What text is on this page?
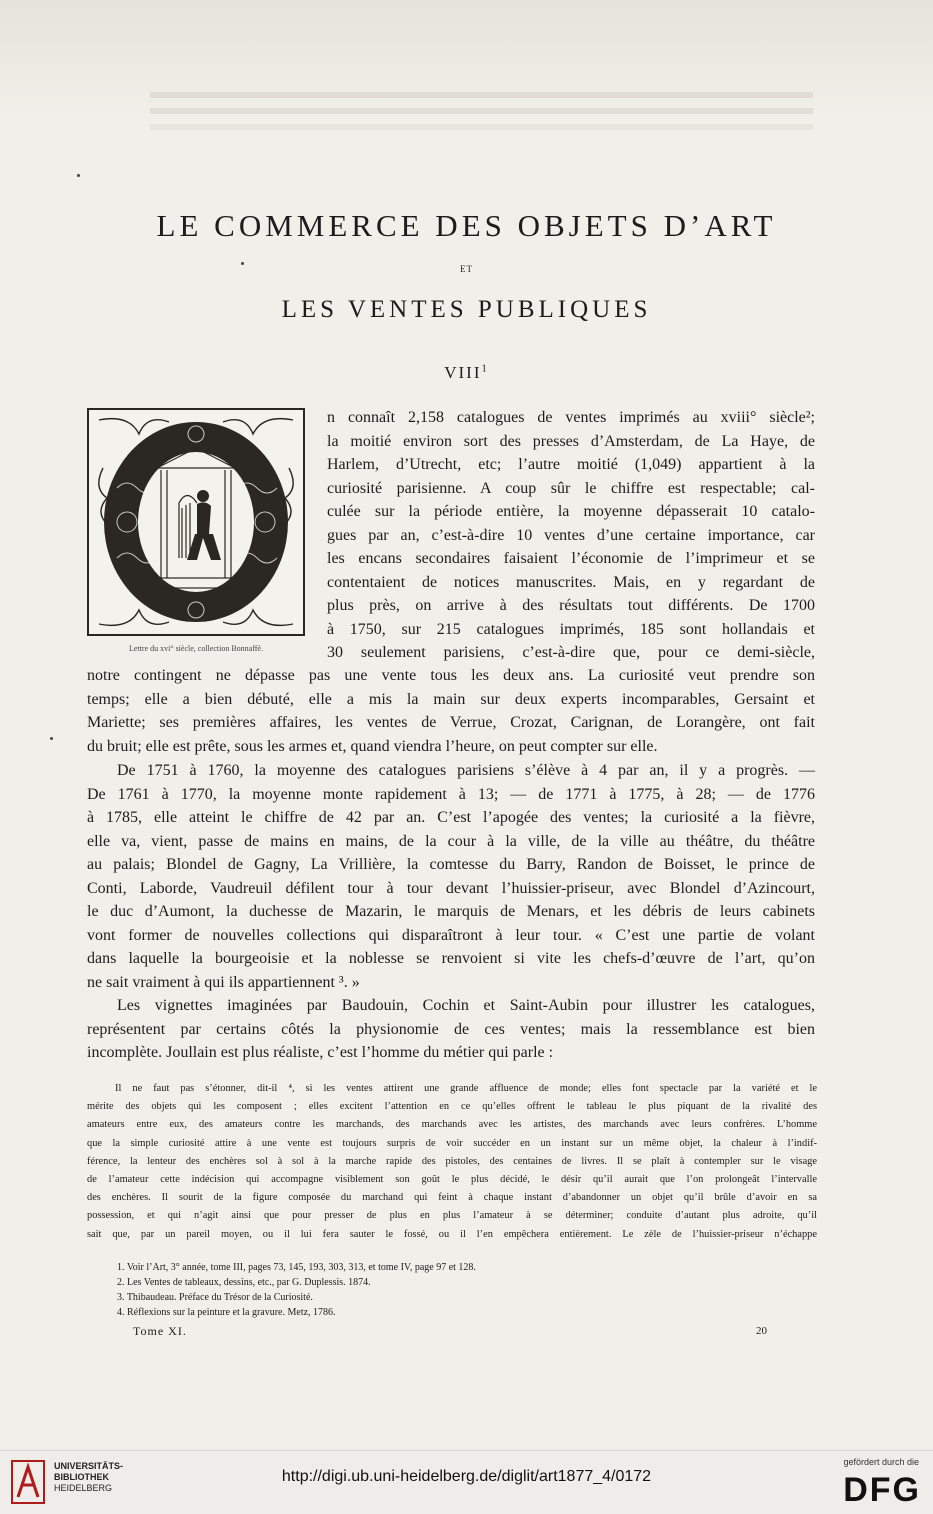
LE COMMERCE DES OBJETS D’ART
ET
LES VENTES PUBLIQUES
VIII$^1$
Lettre du xvi° siècle, collection Bonnaffé.
n connaît 2,158 catalogues de ventes imprimés au xviii° siècle²;
la moitié environ sort des presses d’Amsterdam, de La Haye, de
Harlem, d’Utrecht, etc; l’autre moitié (1,049) appartient à la
curiosité parisienne. A coup sûr le chiffre est respectable; cal-
culée sur la période entière, la moyenne dépasserait 10 catalo-
gues par an, c’est-à-dire 10 ventes d’une certaine importance, car
les encans secondaires faisaient l’économie de l’imprimeur et se
contentaient de notices manuscrites. Mais, en y regardant de
plus près, on arrive à des résultats tout différents. De 1700
à 1750, sur 215 catalogues imprimés, 185 sont hollandais et
30 seulement parisiens, c’est-à-dire que, pour ce demi-siècle,
notre contingent ne dépasse pas une vente tous les deux ans. La curiosité veut prendre son
temps; elle a bien débuté, elle a mis la main sur deux experts incomparables, Gersaint et
Mariette; ses premières affaires, les ventes de Verrue, Crozat, Carignan, de Lorangère, ont fait
du bruit; elle est prête, sous les armes et, quand viendra l’heure, on peut compter sur elle.
De 1751 à 1760, la moyenne des catalogues parisiens s’élève à 4 par an, il y a progrès. —
De 1761 à 1770, la moyenne monte rapidement à 13; — de 1771 à 1775, à 28; — de 1776
à 1785, elle atteint le chiffre de 42 par an. C’est l’apogée des ventes; la curiosité a la fièvre,
elle va, vient, passe de mains en mains, de la cour à la ville, de la ville au théâtre, du théâtre
au palais; Blondel de Gagny, La Vrillière, la comtesse du Barry, Randon de Boisset, le prince de
Conti, Laborde, Vaudreuil défilent tour à tour devant l’huissier-priseur, avec Blondel d’Azincourt,
le duc d’Aumont, la duchesse de Mazarin, le marquis de Menars, et les débris de leurs cabinets
vont former de nouvelles collections qui disparaîtront à leur tour. « C’est une partie de volant
dans laquelle la bourgeoisie et la noblesse se renvoient si vite les chefs-d’œuvre de l’art, qu’on
ne sait vraiment à qui ils appartiennent ³. »
Les vignettes imaginées par Baudouin, Cochin et Saint-Aubin pour illustrer les catalogues,
représentent par certains côtés la physionomie de ces ventes; mais la ressemblance est bien
incomplète. Joullain est plus réaliste, c’est l’homme du métier qui parle :
Il ne faut pas s’étonner, dit-il ⁴, si les ventes attirent une grande affluence de monde; elles font spectacle par la variété et le
mérite des objets qui les composent ; elles excitent l’attention en ce qu’elles offrent le tableau le plus piquant de la rivalité des
amateurs entre eux, des amateurs contre les marchands, des marchands avec les artistes, des marchands avec leurs confrères. L’homme
que la simple curiosité attire à une vente est toujours surpris de voir succéder en un instant sur un même objet, la chaleur à l’indif-
férence, la lenteur des enchères sol à sol à la marche rapide des pistoles, des centaines de livres. Il se plaît à contempler sur le visage
de l’amateur cette indécision qui accompagne visiblement son goût le plus décidé, le désir qu’il aurait que l’on prolongeât l’intervalle
des enchères. Il sourit de la figure composée du marchand qui feint à chaque instant d’abandonner un objet qu’il brûle d’avoir en sa
possession, et qui n’agit ainsi que pour presser de plus en plus l’amateur à se déterminer; conduite d’autant plus adroite, qu’il
sait que, par un pareil moyen, ou il lui fera sauter le fossé, ou il l’en empêchera entièrement. Le zèle de l’huissier-priseur n’échappe
1. Voir l’Art, 3° année, tome III, pages 73, 145, 193, 303, 313, et tome IV, page 97 et 128.
2. Les Ventes de tableaux, dessins, etc., par G. Duplessis. 1874.
3. Thibaudeau. Préface du Trésor de la Curiosité.
4. Réflexions sur la peinture et la gravure. Metz, 1786.
Tome XI.	20
UNIVERSITÄTS-
BIBLIOTHEK
HEIDELBERG
http://digi.ub.uni-heidelberg.de/diglit/art1877_4/0172
gefördert durch die
DFG
